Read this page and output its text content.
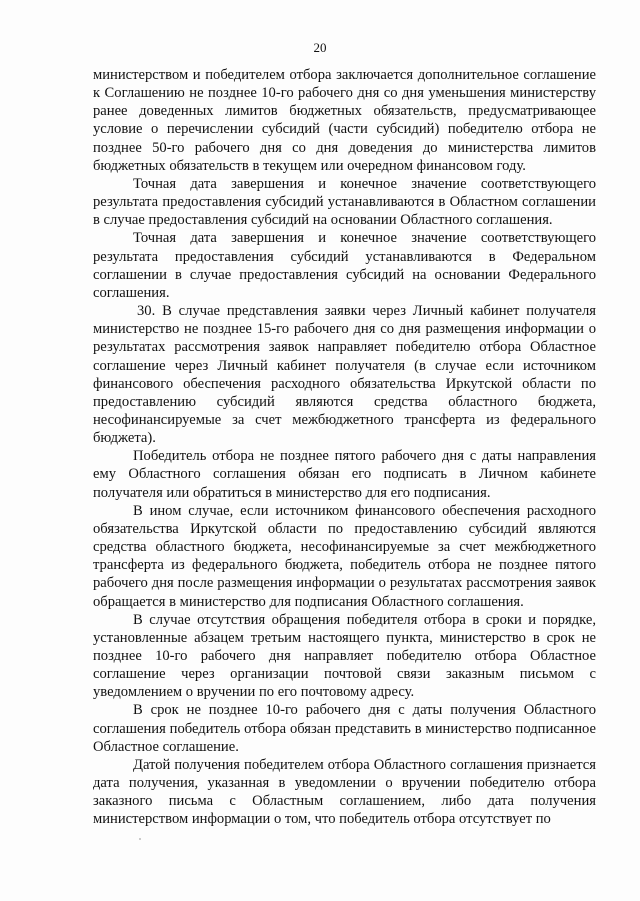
20

министерством и победителем отбора заключается дополнительное соглашение к Соглашению не позднее 10-го рабочего дня со дня уменьшения министерству ранее доведенных лимитов бюджетных обязательств, предусматривающее условие о перечислении субсидий (части субсидий) победителю отбора не позднее 50-го рабочего дня со дня доведения до министерства лимитов бюджетных обязательств в текущем или очередном финансовом году.

Точная дата завершения и конечное значение соответствующего результата предоставления субсидий устанавливаются в Областном соглашении в случае предоставления субсидий на основании Областного соглашения.

Точная дата завершения и конечное значение соответствующего результата предоставления субсидий устанавливаются в Федеральном соглашении в случае предоставления субсидий на основании Федерального соглашения.

30. В случае представления заявки через Личный кабинет получателя министерство не позднее 15-го рабочего дня со дня размещения информации о результатах рассмотрения заявок направляет победителю отбора Областное соглашение через Личный кабинет получателя (в случае если источником финансового обеспечения расходного обязательства Иркутской области по предоставлению субсидий являются средства областного бюджета, несофинансируемые за счет межбюджетного трансферта из федерального бюджета).

Победитель отбора не позднее пятого рабочего дня с даты направления ему Областного соглашения обязан его подписать в Личном кабинете получателя или обратиться в министерство для его подписания.

В ином случае, если источником финансового обеспечения расходного обязательства Иркутской области по предоставлению субсидий являются средства областного бюджета, несофинансируемые за счет межбюджетного трансферта из федерального бюджета, победитель отбора не позднее пятого рабочего дня после размещения информации о результатах рассмотрения заявок обращается в министерство для подписания Областного соглашения.

В случае отсутствия обращения победителя отбора в сроки и порядке, установленные абзацем третьим настоящего пункта, министерство в срок не позднее 10-го рабочего дня направляет победителю отбора Областное соглашение через организации почтовой связи заказным письмом с уведомлением о вручении по его почтовому адресу.

В срок не позднее 10-го рабочего дня с даты получения Областного соглашения победитель отбора обязан представить в министерство подписанное Областное соглашение.

Датой получения победителем отбора Областного соглашения признается дата получения, указанная в уведомлении о вручении победителю отбора заказного письма с Областным соглашением, либо дата получения министерством информации о том, что победитель отбора отсутствует по
